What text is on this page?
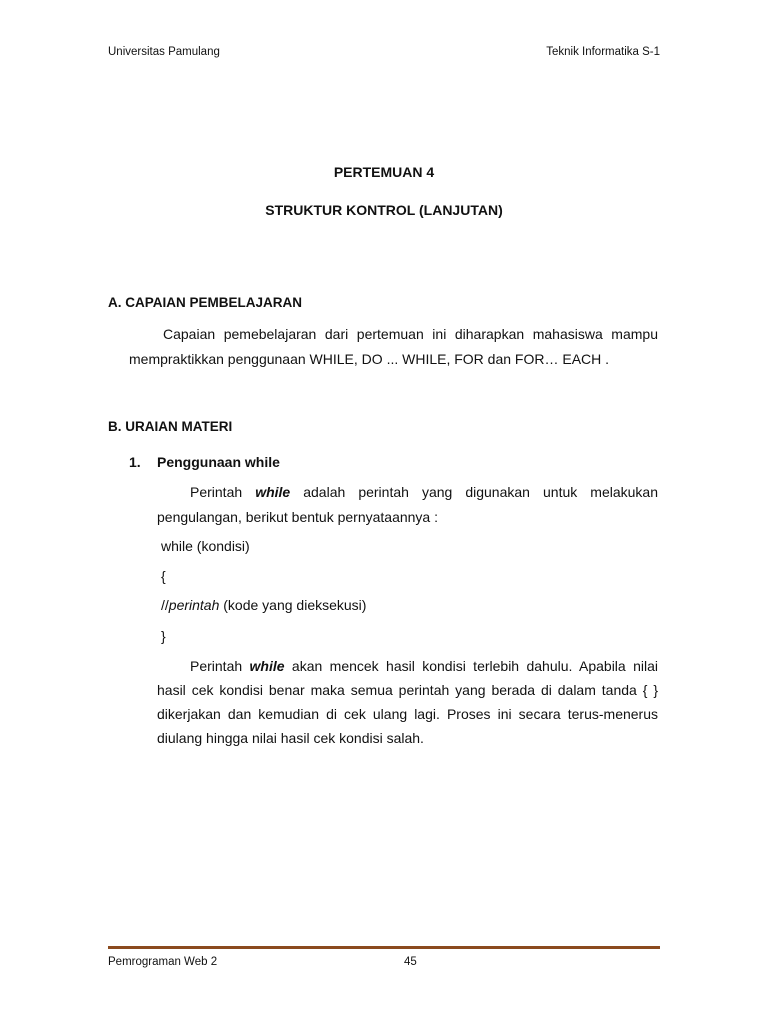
Universitas Pamulang	Teknik Informatika S-1
PERTEMUAN 4
STRUKTUR KONTROL (LANJUTAN)
A. CAPAIAN PEMBELAJARAN
Capaian pemebelajaran dari pertemuan ini diharapkan mahasiswa mampu
mempraktikkan penggunaan WHILE, DO ... WHILE, FOR dan FOR… EACH .
B. URAIAN MATERI
1. Penggunaan while
Perintah while adalah perintah yang digunakan untuk melakukan
pengulangan, berikut bentuk pernyataannya :
while (kondisi)
{
//perintah (kode yang dieksekusi)
}
Perintah while akan mencek hasil kondisi terlebih dahulu. Apabila nilai
hasil cek kondisi benar maka semua perintah yang berada di dalam tanda { }
dikerjakan dan kemudian di cek ulang lagi. Proses ini secara terus-menerus
diulang hingga nilai hasil cek kondisi salah.
Pemrograman Web 2	45
